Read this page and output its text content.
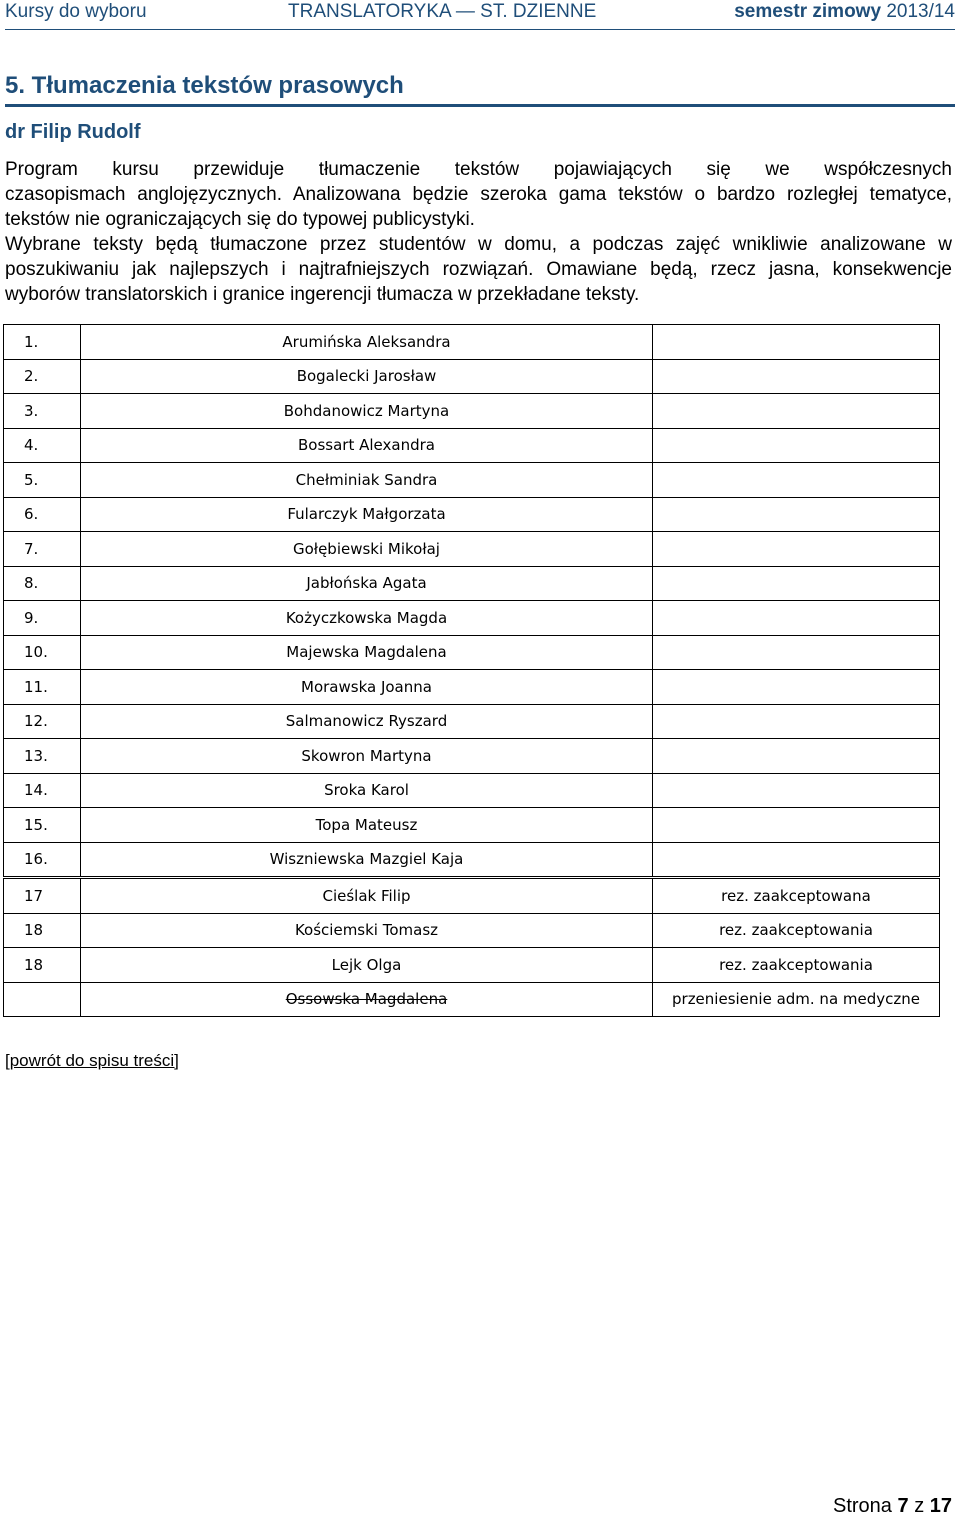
Kursy do wyboru	TRANSLATORYKA — ST. DZIENNE	semestr zimowy 2013/14
5. Tłumaczenia tekstów prasowych
dr Filip Rudolf

Program kursu przewiduje tłumaczenie tekstów pojawiających się we współczesnych

czasopismach anglojęzycznych. Analizowana będzie szeroka gama tekstów o bardzo rozległej tematyce, tekstów nie ograniczających się do typowej publicystyki.

Wybrane teksty będą tłumaczone przez studentów w domu, a podczas zajęć wnikliwie analizowane w poszukiwaniu jak najlepszych i najtrafniejszych rozwiązań. Omawiane będą, rzecz jasna, konsekwencje wyborów translatorskich i granice ingerencji tłumacza w przekładane teksty.

1.	Arumińska Aleksandra	
2.	Bogalecki Jarosław	
3.	Bohdanowicz Martyna	
4.	Bossart Alexandra	
5.	Chełminiak Sandra	
6.	Fularczyk Małgorzata	
7.	Gołębiewski Mikołaj	
8.	Jabłońska Agata	
9.	Kożyczkowska Magda	
10.	Majewska Magdalena	
11.	Morawska Joanna	
12.	Salmanowicz Ryszard	
13.	Skowron Martyna	
14.	Sroka Karol	
15.	Topa Mateusz	
16.	Wiszniewska Mazgiel Kaja	
17	Cieślak Filip	rez. zaakceptowana
18	Kościemski Tomasz	rez. zaakceptowania
18	Lejk Olga	rez. zaakceptowania
	Ossowska Magdalena	przeniesienie adm. na medyczne
[powrót do spisu treści]
Strona 7 z 17
